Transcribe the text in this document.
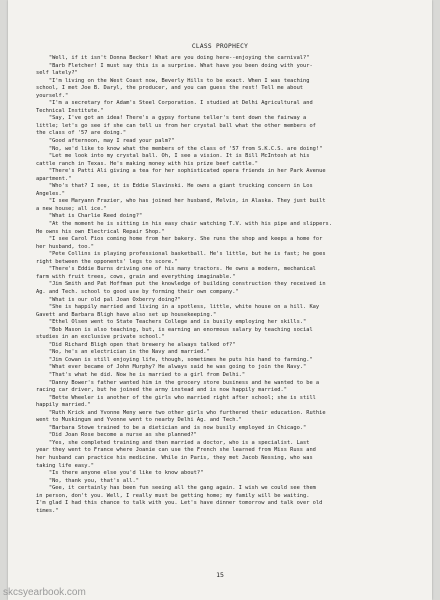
CLASS PROPHECY
"Well, if it isn't Donna Becker! What are you doing here--enjoying the carnival?"
"Barb Fletcher! I must say this is a surprise. What have you been doing with your-
self lately?"
"I'm living on the West Coast now, Beverly Hills to be exact. When I was teaching
school, I met Joe B. Daryl, the producer, and you can guess the rest! Tell me about
yourself."
"I'm a secretary for Adam's Steel Corporation. I studied at Delhi Agricultural and
Technical Institute."
"Say, I've got an idea! There's a gypsy fortune teller's tent down the fairway a
little; let's go see if she can tell us from her crystal ball what the other members of
the class of '57 are doing."
"Good afternoon, may I read your palm?"
"No, we'd like to know what the members of the class of '57 from S.K.C.S. are doing!"
"Let me look into my crystal ball. Oh, I see a vision. It is Bill McIntosh at his
cattle ranch in Texas. He's making money with his prize beef cattle."
"There's Patti Ali giving a tea for her sophisticated opera friends in her Park Avenue
apartment."
"Who's that? I see, it is Eddie Slavinski. He owns a giant trucking concern in Los
Angeles."
"I see Maryann Frazier, who has joined her husband, Melvin, in Alaska. They just built
a new house; all ice."
"What is Charlie Reed doing?"
"At the moment he is sitting in his easy chair watching T.V. with his pipe and slippers.
He owns his own Electrical Repair Shop."
"I see Carol Fios coming home from her bakery. She runs the shop and keeps a home for
her husband, too."
"Pete Collins is playing professional basketball. He's little, but he is fast; he goes
right between the opponents' legs to score."
"There's Eddie Burns driving one of his many tractors. He owns a modern, mechanical
farm with fruit trees, cows, grain and everything imaginable."
"Jim Smith and Pat Hoffman put the knowledge of building construction they received in
Ag. and Tech. school to good use by forming their own company."
"What is our old pal Joan Oxberry doing?"
"She is happily married and living in a spotless, little, white house on a hill. Kay
Gavett and Barbara Bligh have also set up housekeeping."
"Ethel Olsen went to State Teachers College and is busily employing her skills."
"Bob Mason is also teaching, but, is earning an enormous salary by teaching social
studies in an exclusive private school."
"Did Richard Bligh open that brewery he always talked of?"
"No, he's an electrician in the Navy and married."
"Jim Cowan is still enjoying life, though, sometimes he puts his hand to farming."
"What ever became of John Murphy? He always said he was going to join the Navy."
"That's what he did. Now he is married to a girl from Delhi."
"Danny Bower's father wanted him in the grocery store business and he wanted to be a
racing car driver, but he joined the army instead and is now happily married."
"Bette Wheeler is another of the girls who married right after school; she is still
happily married."
"Ruth Krick and Yvonne Meny were two other girls who furthered their education. Ruthie
went to Muskingum and Yvonne went to nearby Delhi Ag. and Tech."
"Barbara Stowe trained to be a dietician and is now busily employed in Chicago."
"Did Joan Rose become a nurse as she planned?"
"Yes, she completed training and then married a doctor, who is a specialist. Last
year they went to France where Joanie can use the French she learned from Miss Russ and
her husband can practice his medicine. While in Paris, they met Jacob Nessing, who was
taking life easy."
"Is there anyone else you'd like to know about?"
"No, thank you, that's all."
"Gee, it certainly has been fun seeing all the gang again. I wish we could see them
in person, don't you. Well, I really must be getting home; my family will be waiting.
I'm glad I had this chance to talk with you. Let's have dinner tomorrow and talk over old
times."
15
skcsyearbook.com
